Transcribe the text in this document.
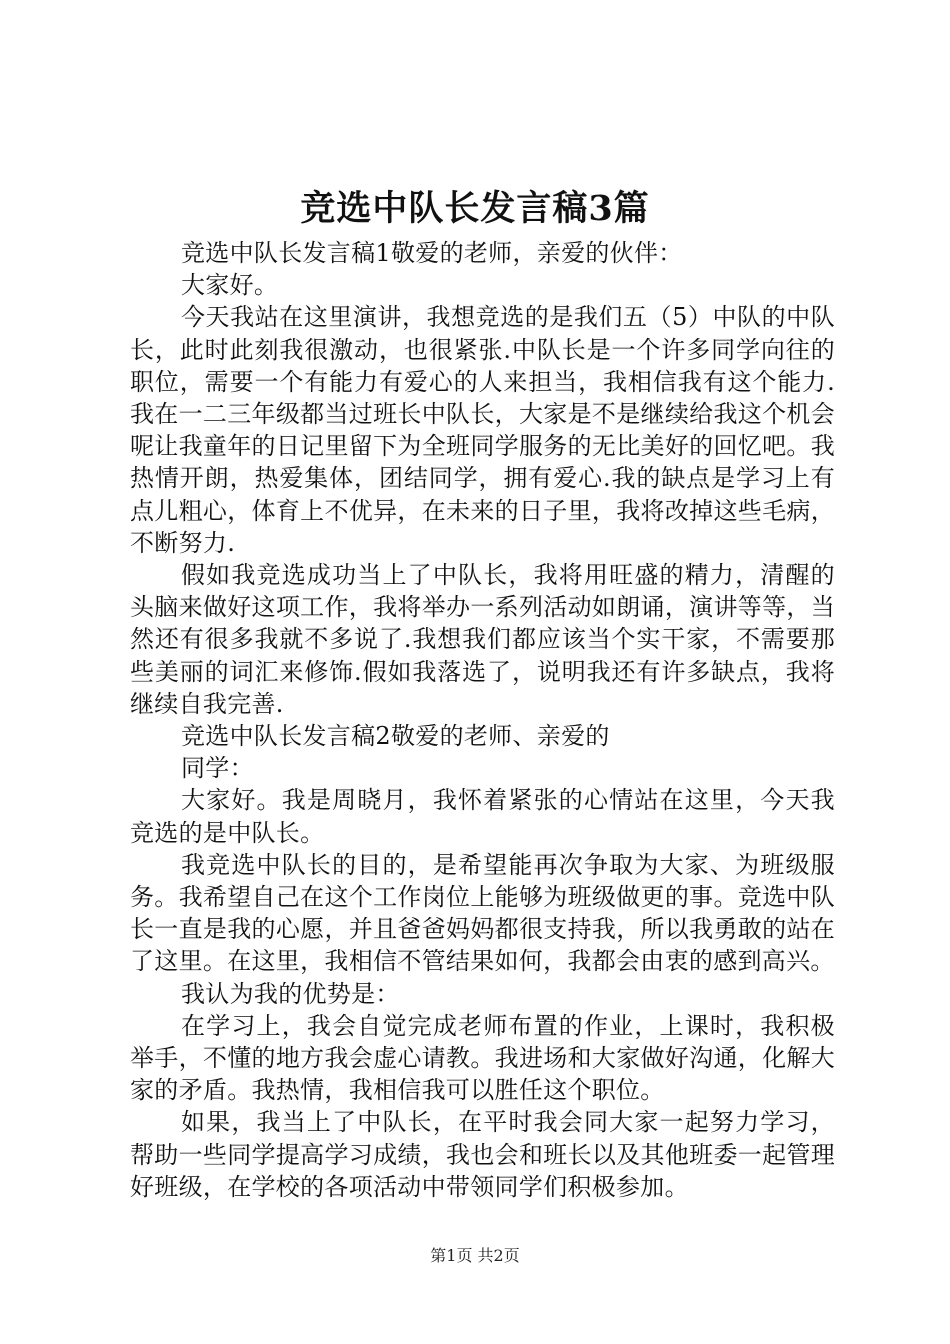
竞选中队长发言稿3篇

竞选中队长发言稿1敬爱的老师，亲爱的伙伴：

大家好。

今天我站在这里演讲，我想竞选的是我们五（5）中队的中队长，此时此刻我很激动，也很紧张.中队长是一个许多同学向往的职位，需要一个有能力有爱心的人来担当，我相信我有这个能力.我在一二三年级都当过班长中队长，大家是不是继续给我这个机会呢让我童年的日记里留下为全班同学服务的无比美好的回忆吧。我热情开朗，热爱集体，团结同学，拥有爱心.我的缺点是学习上有点儿粗心，体育上不优异，在未来的日子里，我将改掉这些毛病，不断努力.

假如我竞选成功当上了中队长，我将用旺盛的精力，清醒的头脑来做好这项工作，我将举办一系列活动如朗诵，演讲等等，当然还有很多我就不多说了.我想我们都应该当个实干家，不需要那些美丽的词汇来修饰.假如我落选了，说明我还有许多缺点，我将继续自我完善.

竞选中队长发言稿2敬爱的老师、亲爱的

同学：

大家好。我是周晓月，我怀着紧张的心情站在这里，今天我竞选的是中队长。

我竞选中队长的目的，是希望能再次争取为大家、为班级服务。我希望自己在这个工作岗位上能够为班级做更的事。竞选中队长一直是我的心愿，并且爸爸妈妈都很支持我，所以我勇敢的站在了这里。在这里，我相信不管结果如何，我都会由衷的感到高兴。

我认为我的优势是：

在学习上，我会自觉完成老师布置的作业，上课时，我积极举手，不懂的地方我会虚心请教。我进场和大家做好沟通，化解大家的矛盾。我热情，我相信我可以胜任这个职位。

如果，我当上了中队长，在平时我会同大家一起努力学习，帮助一些同学提高学习成绩，我也会和班长以及其他班委一起管理好班级，在学校的各项活动中带领同学们积极参加。

第1页 共2页
